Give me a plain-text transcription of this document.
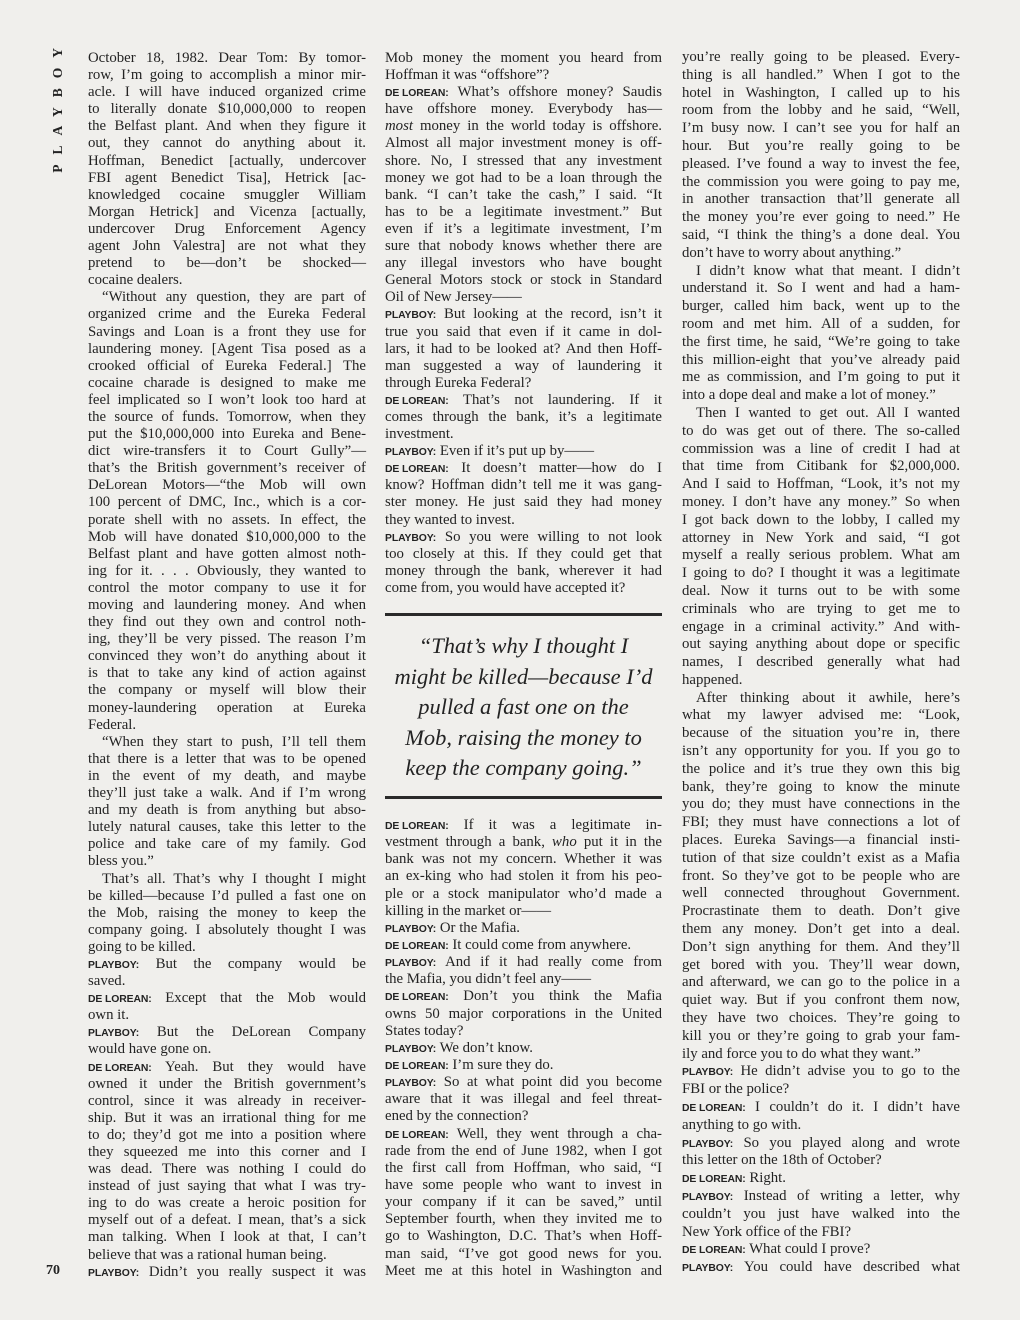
PLAYBOY October 18, 1982. Dear Tom: By tomor-
row, I’m going to accomplish a minor mir-
acle. I will have induced organized crime
to literally donate $10,000,000 to reopen
the Belfast plant. And when they figure it
out, they cannot do anything about it.
Hoffman, Benedict [actually, undercover
FBI agent Benedict Tisa], Hetrick [ac-
knowledged cocaine smuggler William
Morgan Hetrick] and Vicenza [actually,
undercover Drug Enforcement Agency
agent John Valestra] are not what they
pretend to be—don’t be shocked—
cocaine dealers.
“Without any question, they are part of
organized crime and the Eureka Federal
Savings and Loan is a front they use for
laundering money. [Agent Tisa posed as a
crooked official of Eureka Federal.] The
cocaine charade is designed to make me
feel implicated so I won’t look too hard at
the source of funds. Tomorrow, when they
put the $10,000,000 into Eureka and Bene-
dict wire-transfers it to Court Gully”—
that’s the British government’s receiver of
DeLorean Motors—“the Mob will own
100 percent of DMC, Inc., which is a cor-
porate shell with no assets. In effect, the
Mob will have donated $10,000,000 to the
Belfast plant and have gotten almost noth-
ing for it. . . . Obviously, they wanted to
control the motor company to use it for
moving and laundering money. And when
they find out they own and control noth-
ing, they’ll be very pissed. The reason I’m
convinced they won’t do anything about it
is that to take any kind of action against
the company or myself will blow their
money-laundering operation at Eureka
Federal.
“When they start to push, I’ll tell them
that there is a letter that was to be opened
in the event of my death, and maybe
they’ll just take a walk. And if I’m wrong
and my death is from anything but abso-
lutely natural causes, take this letter to the
police and take care of my family. God
bless you.”
That’s all. That’s why I thought I might
be killed—because I’d pulled a fast one on
the Mob, raising the money to keep the
company going. I absolutely thought I was
going to be killed.
PLAYBOY: But the company would be
saved.
DE LOREAN: Except that the Mob would
own it.
PLAYBOY: But the DeLorean Company
would have gone on.
DE LOREAN: Yeah. But they would have
owned it under the British government’s
control, since it was already in receiver-
ship. But it was an irrational thing for me
to do; they’d got me into a position where
they squeezed me into this corner and I
was dead. There was nothing I could do
instead of just saying that what I was try-
ing to do was create a heroic position for
myself out of a defeat. I mean, that’s a sick
man talking. When I look at that, I can’t
believe that was a rational human being.
PLAYBOY: Didn’t you really suspect it was
Mob money the moment you heard from
Hoffman it was “offshore”?
DE LOREAN: What’s offshore money? Saudis
have offshore money. Everybody has—
most money in the world today is offshore.
Almost all major investment money is off-
shore. No, I stressed that any investment
money we got had to be a loan through the
bank. “I can’t take the cash,” I said. “It
has to be a legitimate investment.” But
even if it’s a legitimate investment, I’m
sure that nobody knows whether there are
any illegal investors who have bought
General Motors stock or stock in Standard
Oil of New Jersey——
PLAYBOY: But looking at the record, isn’t it
true you said that even if it came in dol-
lars, it had to be looked at? And then Hoff-
man suggested a way of laundering it
through Eureka Federal?
DE LOREAN: That’s not laundering. If it
comes through the bank, it’s a legitimate
investment.
PLAYBOY: Even if it’s put up by——
DE LOREAN: It doesn’t matter—how do I
know? Hoffman didn’t tell me it was gang-
ster money. He just said they had money
they wanted to invest.
PLAYBOY: So you were willing to not look
too closely at this. If they could get that
money through the bank, wherever it had
come from, you would have accepted it?
“That’s why I thought I
might be killed—because I’d
pulled a fast one on the
Mob, raising the money to
keep the company going.”
DE LOREAN: If it was a legitimate in-
vestment through a bank, who put it in the
bank was not my concern. Whether it was
an ex-king who had stolen it from his peo-
ple or a stock manipulator who’d made a
killing in the market or——
PLAYBOY: Or the Mafia.
DE LOREAN: It could come from anywhere.
PLAYBOY: And if it had really come from
the Mafia, you didn’t feel any——
DE LOREAN: Don’t you think the Mafia
owns 50 major corporations in the United
States today?
PLAYBOY: We don’t know.
DE LOREAN: I’m sure they do.
PLAYBOY: So at what point did you become
aware that it was illegal and feel threat-
ened by the connection?
DE LOREAN: Well, they went through a cha-
rade from the end of June 1982, when I got
the first call from Hoffman, who said, “I
have some people who want to invest in
your company if it can be saved,” until
September fourth, when they invited me to
go to Washington, D.C. That’s when Hoff-
man said, “I’ve got good news for you.
Meet me at this hotel in Washington and
you’re really going to be pleased. Every-
thing is all handled.” When I got to the
hotel in Washington, I called up to his
room from the lobby and he said, “Well,
I’m busy now. I can’t see you for half an
hour. But you’re really going to be
pleased. I’ve found a way to invest the fee,
the commission you were going to pay me,
in another transaction that’ll generate all
the money you’re ever going to need.” He
said, “I think the thing’s a done deal. You
don’t have to worry about anything.”
I didn’t know what that meant. I didn’t
understand it. So I went and had a ham-
burger, called him back, went up to the
room and met him. All of a sudden, for
the first time, he said, “We’re going to take
this million-eight that you’ve already paid
me as commission, and I’m going to put it
into a dope deal and make a lot of money.”
Then I wanted to get out. All I wanted
to do was get out of there. The so-called
commission was a line of credit I had at
that time from Citibank for $2,000,000.
And I said to Hoffman, “Look, it’s not my
money. I don’t have any money.” So when
I got back down to the lobby, I called my
attorney in New York and said, “I got
myself a really serious problem. What am
I going to do? I thought it was a legitimate
deal. Now it turns out to be with some
criminals who are trying to get me to
engage in a criminal activity.” And with-
out saying anything about dope or specific
names, I described generally what had
happened.
After thinking about it awhile, here’s
what my lawyer advised me: “Look,
because of the situation you’re in, there
isn’t any opportunity for you. If you go to
the police and it’s true they own this big
bank, they’re going to know the minute
you do; they must have connections in the
FBI; they must have connections a lot of
places. Eureka Savings—a financial insti-
tution of that size couldn’t exist as a Mafia
front. So they’ve got to be people who are
well connected throughout Government.
Procrastinate them to death. Don’t give
them any money. Don’t get into a deal.
Don’t sign anything for them. And they’ll
get bored with you. They’ll wear down,
and afterward, we can go to the police in a
quiet way. But if you confront them now,
they have two choices. They’re going to
kill you or they’re going to grab your fam-
ily and force you to do what they want.”
PLAYBOY: He didn’t advise you to go to the
FBI or the police?
DE LOREAN: I couldn’t do it. I didn’t have
anything to go with.
PLAYBOY: So you played along and wrote
this letter on the 18th of October?
DE LOREAN: Right.
PLAYBOY: Instead of writing a letter, why
couldn’t you just have walked into the
New York office of the FBI?
DE LOREAN: What could I prove?
PLAYBOY: You could have described what
70
